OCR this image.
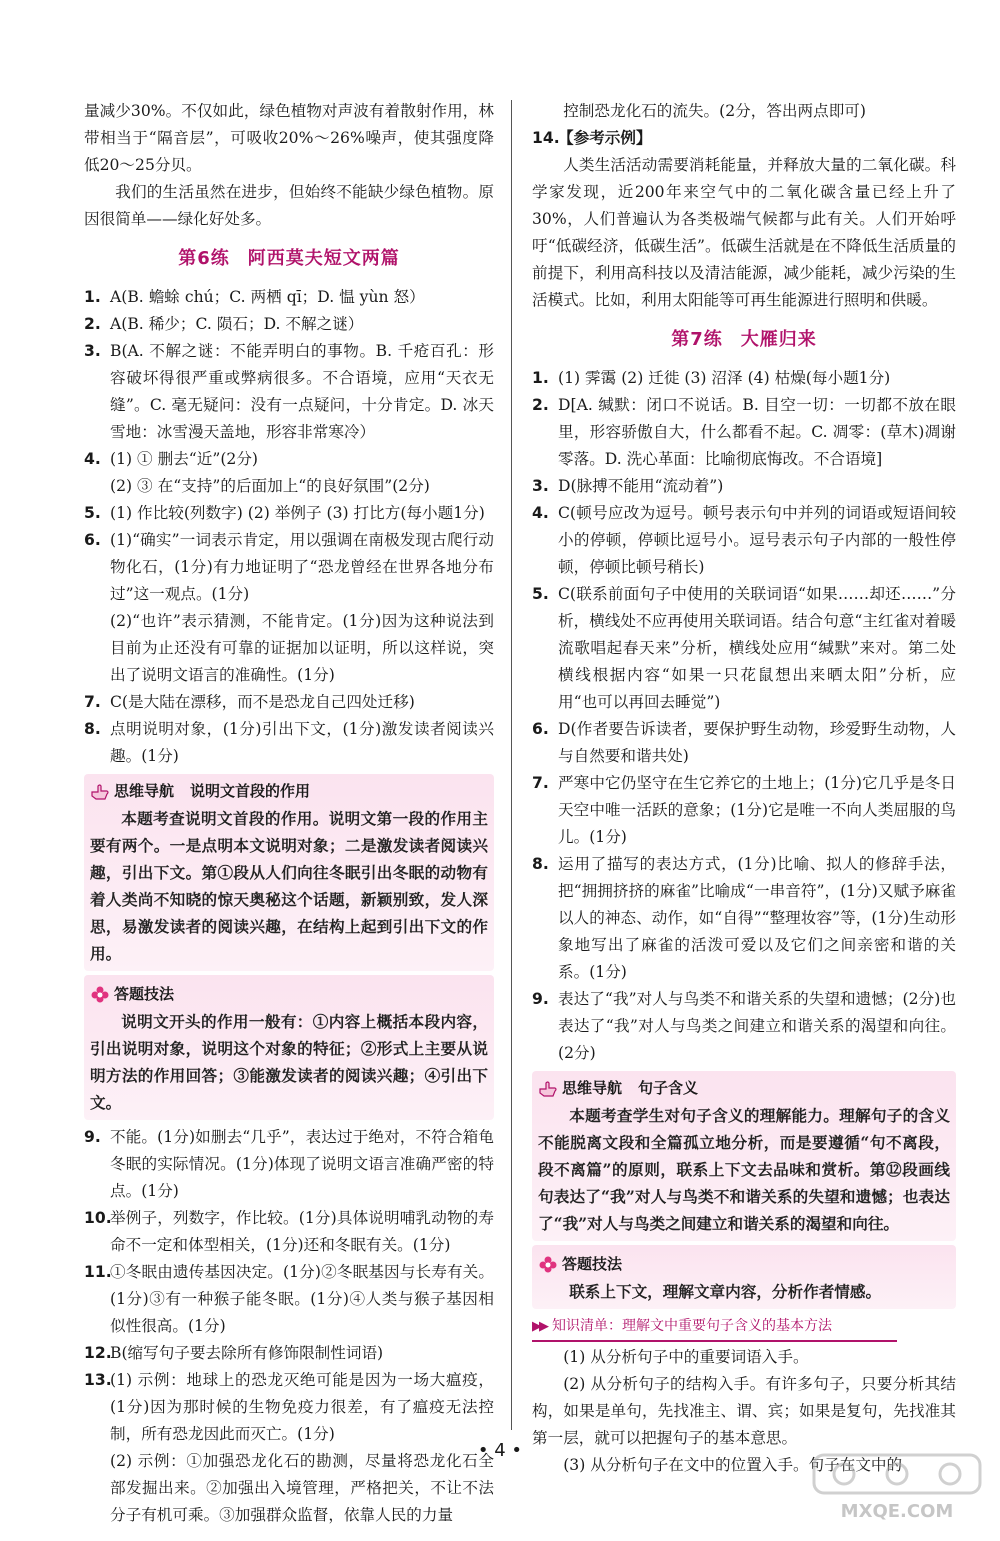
量减少30%。不仅如此，绿色植物对声波有着散射作用，林带相当于“隔音层”，可吸收20%～26%噪声，使其强度降低20～25分贝。

我们的生活虽然在进步，但始终不能缺少绿色植物。原因很简单——绿化好处多。

第6练 阿西莫夫短文两篇
1. A(B. 蟾蜍 chú；C. 两栖 qī；D. 愠 yùn 怒）

2. A(B. 稀少；C. 陨石；D. 不解之谜）

3. B(A. 不解之谜：不能弄明白的事物。B. 千疮百孔：形容破坏得很严重或弊病很多。不合语境，应用“天衣无缝”。C. 毫无疑问：没有一点疑问，十分肯定。D. 冰天雪地：冰雪漫天盖地，形容非常寒冷）

4. (1) ① 删去“近”(2分)
(2) ③ 在“支持”的后面加上“的良好氛围”(2分)

5. (1) 作比较(列数字) (2) 举例子 (3) 打比方(每小题1分)

6. (1)“确实”一词表示肯定，用以强调在南极发现古爬行动物化石，(1分)有力地证明了“恐龙曾经在世界各地分布过”这一观点。(1分)
(2)“也许”表示猜测，不能肯定。(1分)因为这种说法到目前为止还没有可靠的证据加以证明，所以这样说，突出了说明文语言的准确性。(1分)

7. C(是大陆在漂移，而不是恐龙自己四处迁移)

8. 点明说明对象，(1分)引出下文，(1分)激发读者阅读兴趣。(1分)

思维导航 说明文首段的作用

本题考查说明文首段的作用。说明文第一段的作用主要有两个。一是点明本文说明对象；二是激发读者阅读兴趣，引出下文。第①段从人们向往冬眠引出冬眠的动物有着人类尚不知晓的惊天奥秘这个话题，新颖别致，发人深思，易激发读者的阅读兴趣，在结构上起到引出下文的作用。

答题技法

说明文开头的作用一般有：①内容上概括本段内容，引出说明对象，说明这个对象的特征；②形式上主要从说明方法的作用回答；③能激发读者的阅读兴趣；④引出下文。

9. 不能。(1分)如删去“几乎”，表达过于绝对，不符合箱龟冬眠的实际情况。(1分)体现了说明文语言准确严密的特点。(1分)

10.

举例子，列数字，作比较。(1分)具体说明哺乳动物的寿命不一定和体型相关，(1分)还和冬眠有关。(1分)

11.

①冬眠由遗传基因决定。(1分)②冬眠基因与长寿有关。(1分)③有一种猴子能冬眠。(1分)④人类与猴子基因相似性很高。(1分)

12.

B(缩写句子要去除所有修饰限制性词语)

13.

(1) 示例：地球上的恐龙灭绝可能是因为一场大瘟疫，(1分)因为那时候的生物免疫力很差，有了瘟疫无法控制，所有恐龙因此而灭亡。(1分)
(2) 示例：①加强恐龙化石的勘测，尽量将恐龙化石全部发掘出来。②加强出入境管理，严格把关，不让不法分子有机可乘。③加强群众监督，依靠人民的力量

控制恐龙化石的流失。(2分，答出两点即可)

14.

【参考示例】

人类生活活动需要消耗能量，并释放大量的二氧化碳。科学家发现，近200年来空气中的二氧化碳含量已经上升了30%，人们普遍认为各类极端气候都与此有关。人们开始呼吁“低碳经济，低碳生活”。低碳生活就是在不降低生活质量的前提下，利用高科技以及清洁能源，减少能耗，减少污染的生活模式。比如，利用太阳能等可再生能源进行照明和供暖。

第7练 大雁归来
1. (1) 霁霭 (2) 迁徙 (3) 沼泽 (4) 枯燥(每小题1分)

2. D[A. 缄默：闭口不说话。B. 目空一切：一切都不放在眼里，形容骄傲自大，什么都看不起。C. 凋零：(草木)凋谢零落。D. 洗心革面：比喻彻底悔改。不合语境]

3. D(脉搏不能用“流动着”)

4. C(顿号应改为逗号。顿号表示句中并列的词语或短语间较小的停顿，停顿比逗号小。逗号表示句子内部的一般性停顿，停顿比顿号稍长)

5. C(联系前面句子中使用的关联词语“如果……却还……”分析，横线处不应再使用关联词语。结合句意“主红雀对着暖流歌唱起春天来”分析，横线处应用“缄默”来对。第二处横线根据内容“如果一只花鼠想出来晒太阳”分析，应用“也可以再回去睡觉”)

6. D(作者要告诉读者，要保护野生动物，珍爱野生动物，人与自然要和谐共处)

7. 严寒中它仍坚守在生它养它的土地上；(1分)它几乎是冬日天空中唯一活跃的意象；(1分)它是唯一不向人类屈服的鸟儿。(1分)

8. 运用了描写的表达方式，(1分)比喻、拟人的修辞手法，把“拥拥挤挤的麻雀”比喻成“一串音符”，(1分)又赋予麻雀以人的神态、动作，如“自得”“整理妆容”等，(1分)生动形象地写出了麻雀的活泼可爱以及它们之间亲密和谐的关系。(1分)

9. 表达了“我”对人与鸟类不和谐关系的失望和遗憾；(2分)也表达了“我”对人与鸟类之间建立和谐关系的渴望和向往。(2分)

思维导航 句子含义

本题考查学生对句子含义的理解能力。理解句子的含义不能脱离文段和全篇孤立地分析，而是要遵循“句不离段，段不离篇”的原则，联系上下文去品味和赏析。第⑫段画线句表达了“我”对人与鸟类不和谐关系的失望和遗憾；也表达了“我”对人与鸟类之间建立和谐关系的渴望和向往。

答题技法

联系上下文，理解文章内容，分析作者情感。

▶▶ 知识清单：理解文中重要句子含义的基本方法

(1) 从分析句子中的重要词语入手。

(2) 从分析句子的结构入手。有许多句子，只要分析其结构，如果是单句，先找准主、谓、宾；如果是复句，先找准其第一层，就可以把握句子的基本意思。

(3) 从分析句子在文中的位置入手。句子在文中的

• 4 •
MXQE.COM
